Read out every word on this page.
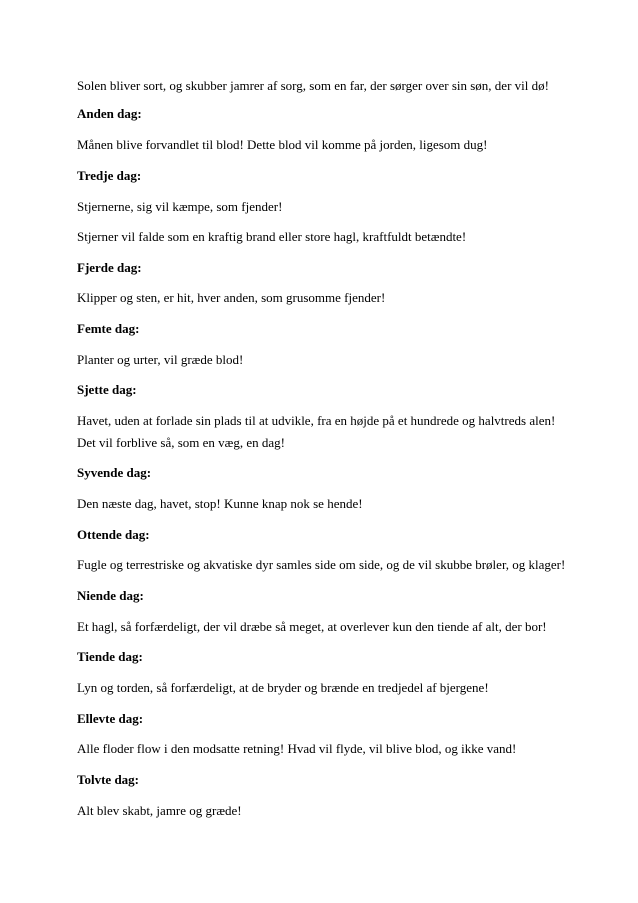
Solen bliver sort, og skubber jamrer af sorg, som en far, der sørger over sin søn, der vil dø!
Anden dag:
Månen blive forvandlet til blod! Dette blod vil komme på jorden, ligesom dug!
Tredje dag:
Stjernerne, sig vil kæmpe, som fjender!
Stjerner vil falde som en kraftig brand eller store hagl, kraftfuldt betændte!
Fjerde dag:
Klipper og sten, er hit, hver anden, som grusomme fjender!
Femte dag:
Planter og urter, vil græde blod!
Sjette dag:
Havet, uden at forlade sin plads til at udvikle, fra en højde på et hundrede og halvtreds alen!
Det vil forblive så, som en væg, en dag!
Syvende dag:
Den næste dag, havet, stop! Kunne knap nok se hende!
Ottende dag:
Fugle og terrestriske og akvatiske dyr samles side om side, og de vil skubbe brøler, og klager!
Niende dag:
Et hagl, så forfærdeligt, der vil dræbe så meget, at overlever kun den tiende af alt, der bor!
Tiende dag:
Lyn og torden, så forfærdeligt, at de bryder og brænde en tredjedel af bjergene!
Ellevte dag:
Alle floder flow i den modsatte retning! Hvad vil flyde, vil blive blod, og ikke vand!
Tolvte dag:
Alt blev skabt, jamre og græde!
